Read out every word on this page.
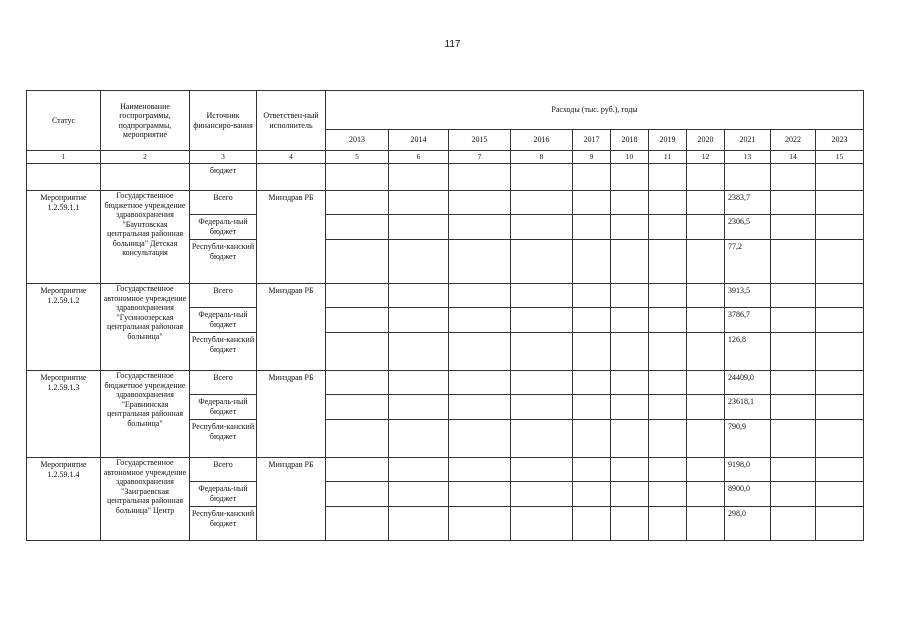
117
Статус	Наименование госпрограммы, подпрограммы, мероприятие	Источник финансиро-вания	Ответствен-ный исполнитель	Расходы (тыс. руб.), годы										
				2013	2014	2015	2016	2017	2018	2019	2020	2021	2022	2023
1	2	3	4	5	6	7	8	9	10	11	12	13	14	15
		бюджет												
Мероприятие 1.2.59.1.1	Государственное бюджетное учреждение здравоохранения "Баунтовская центральная районная больница" Детская консультация	Всего	Минздрав РБ									2383,7		
		Федераль-ный бюджет										2306,5		
		Республи-канский бюджет										77,2		
Мероприятие 1.2.59.1.2	Государственное автономное учреждение здравоохранения "Гусиноозерская центральная районная больница"	Всего	Минздрав РБ									3913,5		
		Федераль-ный бюджет										3786,7		
		Республи-канский бюджет										126,8		
Мероприятие 1.2.59.1.3	Государственное бюджетное учреждение здравоохранения "Еравнинская центральная районная больница"	Всего	Минздрав РБ									24409,0		
		Федераль-ный бюджет										23618,1		
		Республи-канский бюджет										790,9		
Мероприятие 1.2.59.1.4	Государственное автономное учреждение здравоохранения "Заиграевская центральная районная больница" Центр	Всего	Минздрав РБ									9198,0		
		Федераль-ный бюджет										8900,0		
		Республи-канский бюджет										298,0		
